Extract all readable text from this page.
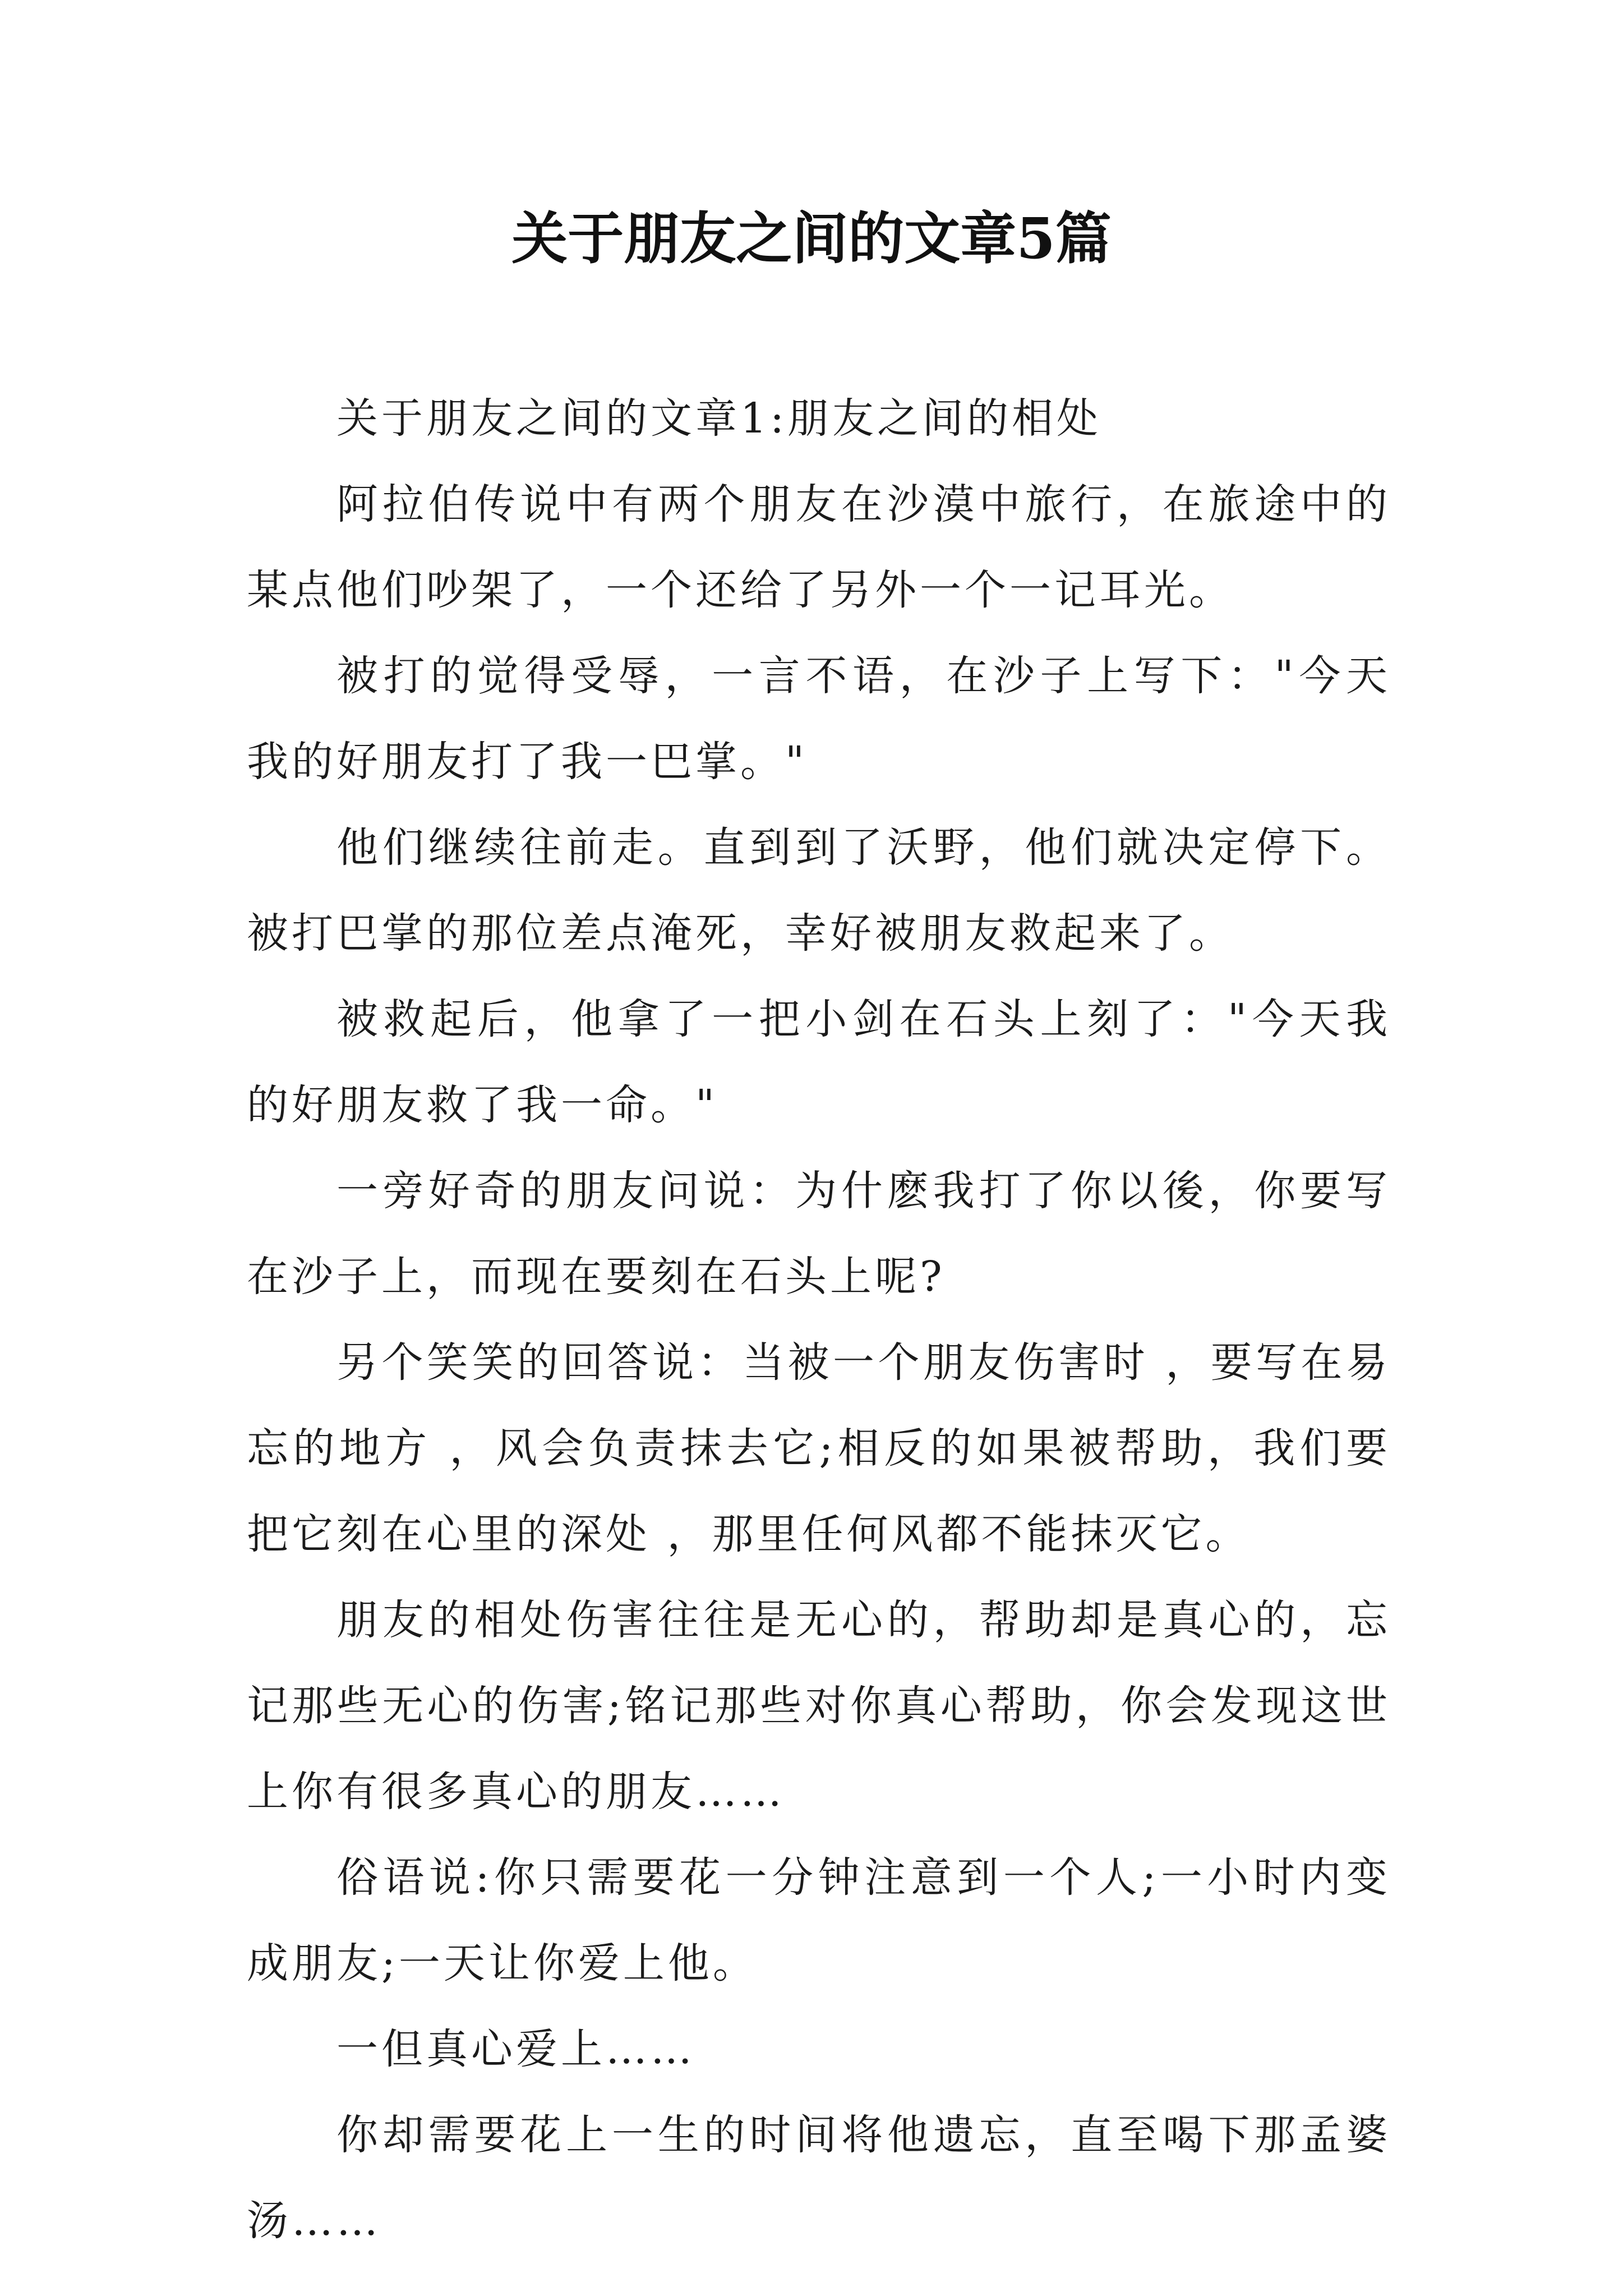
关于朋友之间的文章5篇

关于朋友之间的文章1:朋友之间的相处

阿拉伯传说中有两个朋友在沙漠中旅行，在旅途中的某点他们吵架了，一个还给了另外一个一记耳光。

被打的觉得受辱，一言不语，在沙子上写下："今天我的好朋友打了我一巴掌。"

他们继续往前走。直到到了沃野，他们就决定停下。被打巴掌的那位差点淹死，幸好被朋友救起来了。

被救起后，他拿了一把小剑在石头上刻了："今天我的好朋友救了我一命。"

一旁好奇的朋友问说：为什麽我打了你以後，你要写在沙子上，而现在要刻在石头上呢?

另个笑笑的回答说：当被一个朋友伤害时 ，要写在易忘的地方 ，风会负责抹去它;相反的如果被帮助，我们要把它刻在心里的深处 ，那里任何风都不能抹灭它。

朋友的相处伤害往往是无心的，帮助却是真心的，忘记那些无心的伤害;铭记那些对你真心帮助，你会发现这世上你有很多真心的朋友……

俗语说:你只需要花一分钟注意到一个人;一小时内变成朋友;一天让你爱上他。

一但真心爱上……

你却需要花上一生的时间将他遗忘，直至喝下那孟婆汤……
